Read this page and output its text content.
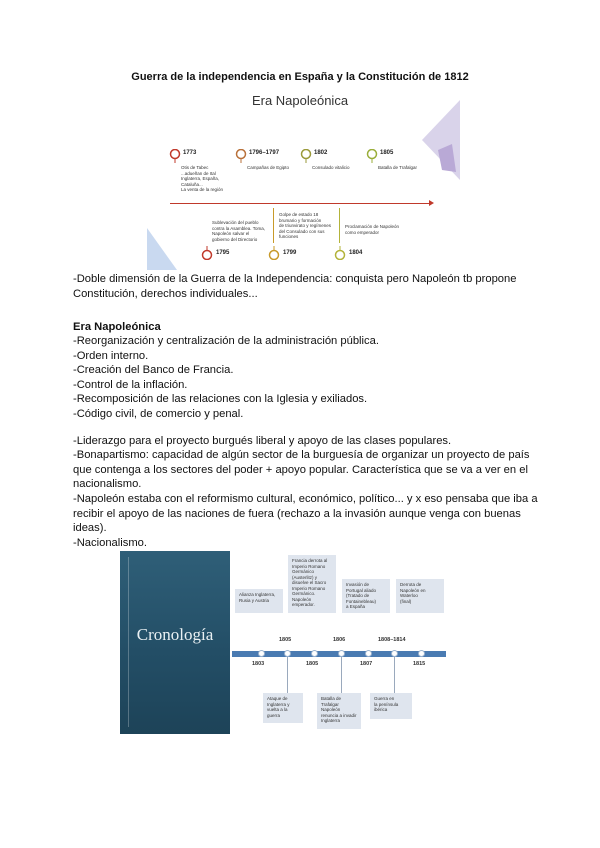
Guerra de la independencia en España y la Constitución de 1812
Era Napoleónica
1773
Otis de Tabec
...adueñan de Ital
Inglaterra, España,
Cataluña...
La venta de la región
1796–1797
Campañas de Egipto
1802
Consulado vitalicio
1805
Batalla de Trafalgar
Sublevación del pueblo
contra la Asamblea. Toma,
Napoleón salvar el
gobierno del Directorio
1795
Golpe de estado 18
brumario y formación
de triunvirato y regímenes
del Consulado con sus
funciones
1799
Proclamación de Napoleón
como emperador
1804
-Doble dimensión de la Guerra de la Independencia: conquista pero Napoleón tb propone Constitución, derechos individuales...
Era Napoleónica
-Reorganización y centralización de la administración pública.
-Orden interno.
-Creación del Banco de Francia.
-Control de la inflación.
-Recomposición de las relaciones con la Iglesia y exiliados.
-Código civil, de comercio y penal.
-Liderazgo para el proyecto burgués liberal y apoyo de las clases populares.
-Bonapartismo: capacidad de algún sector de la burguesía de organizar un proyecto de país que contenga a los sectores del poder + apoyo popular. Característica que se va a ver en el nacionalismo.
-Napoleón estaba con el reformismo cultural, económico, político... y x eso pensaba que iba a recibir el apoyo de las naciones de fuera (rechazo a la invasión aunque venga con buenas ideas).
-Nacionalismo.
Cronología
Alianza Inglaterra,
Rusia y Austria
Francia derrota al
Imperio Romano
Germánico
(Austerlitz) y
disuelve el Sacro
Imperio Romano
Germánico.
Napoleón emperador.
Invasión de
Portugal aliado
(Tratado de
Fontainebleau)
a España
Derrota de
Napoleón en
Waterloo
(final)
1805	1806	1808–1814
1803	1805	1807	1815
Ataque de
Inglaterra y
vuelta a la
guerra
Batalla de
Trafalgar
Napoleón
renuncia a invadir
Inglaterra
Guerra en
la península
ibérica
